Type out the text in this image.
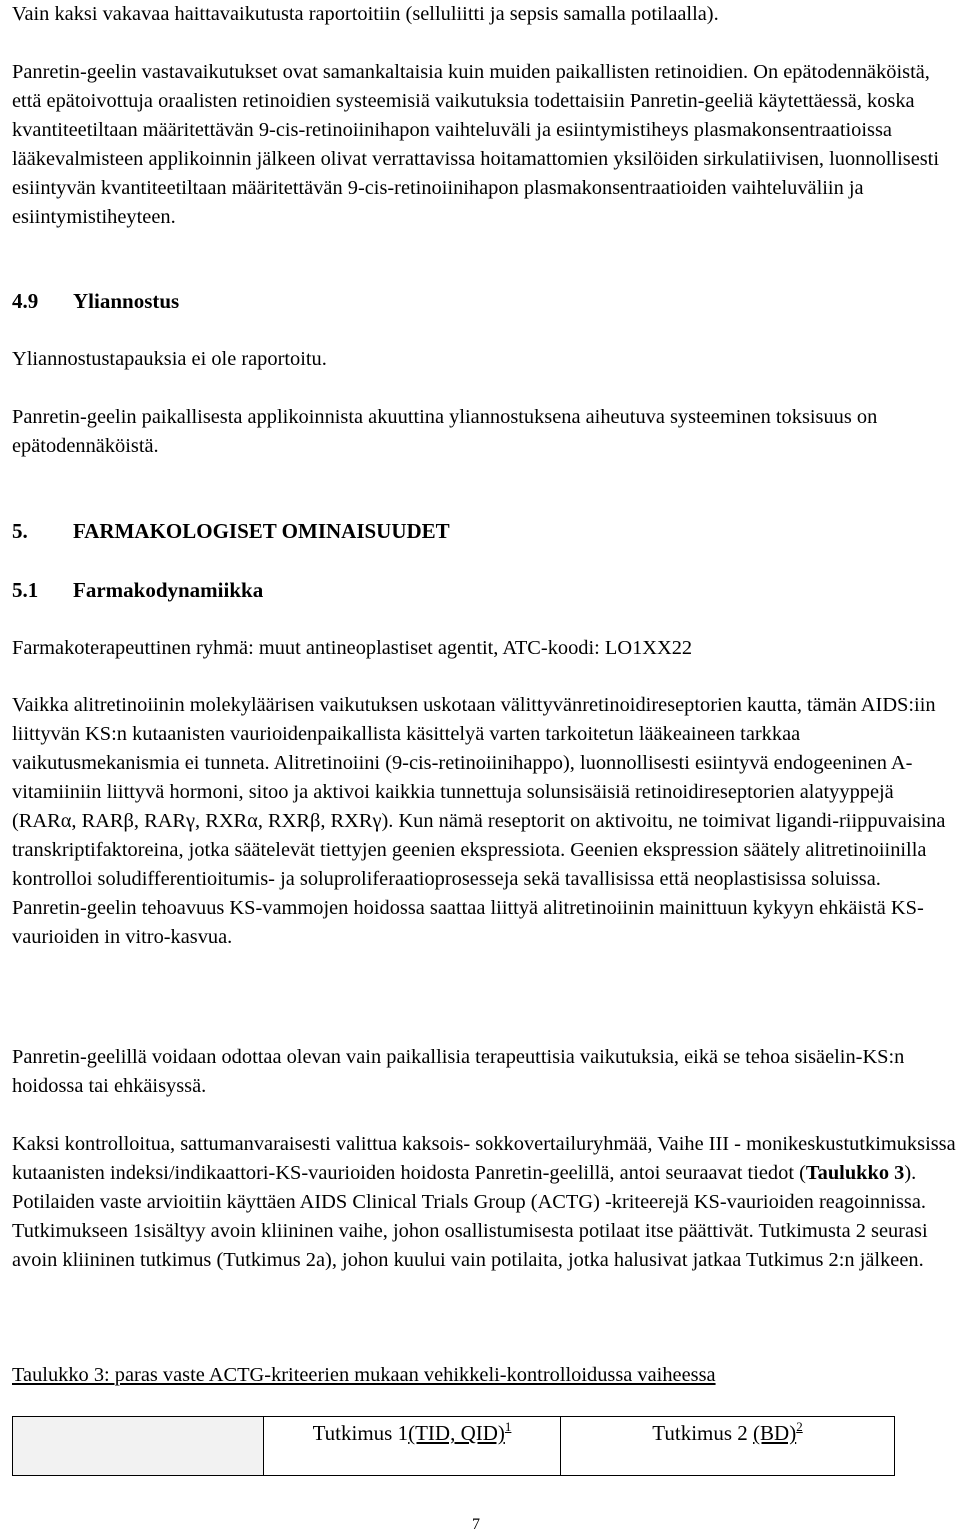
Vain kaksi vakavaa haittavaikutusta raportoitiin (selluliitti ja sepsis samalla potilaalla).

Panretin-geelin vastavaikutukset ovat samankaltaisia kuin muiden paikallisten retinoidien. On epätodennäköistä, että epätoivottuja oraalisten retinoidien systeemisiä vaikutuksia todettaisiin Panretin-geeliä käytettäessä, koska kvantiteetiltaan määritettävän 9-cis-retinoiinihapon vaihteluväli ja esiintymistiheys plasmakonsentraatioissa lääkevalmisteen applikoinnin jälkeen olivat verrattavissa hoitamattomien yksilöiden sirkulatiivisen, luonnollisesti esiintyvän kvantiteetiltaan määritettävän 9-cis-retinoiinihapon plasmakonsentraatioiden vaihteluväliin ja esiintymistiheyteen.

4.9 Yliannostus

Yliannostustapauksia ei ole raportoitu.

Panretin-geelin paikallisesta applikoinnista akuuttina yliannostuksena aiheutuva systeeminen toksisuus on epätodennäköistä.

5. FARMAKOLOGISET OMINAISUUDET
5.1 Farmakodynamiikka

Farmakoterapeuttinen ryhmä: muut antineoplastiset agentit, ATC-koodi: LO1XX22

Vaikka alitretinoiinin molekyläärisen vaikutuksen uskotaan välittyvänretinoidireseptorien kautta, tämän AIDS:iin liittyvän KS:n kutaanisten vaurioidenpaikallista käsittelyä varten tarkoitetun lääkeaineen tarkkaa vaikutusmekanismia ei tunneta. Alitretinoiini (9-cis-retinoiinihappo), luonnollisesti esiintyvä endogeeninen A-vitamiiniin liittyvä hormoni, sitoo ja aktivoi kaikkia tunnettuja solunsisäisiä retinoidireseptorien alatyyppejä (RARα, RARβ, RARγ, RXRα, RXRβ, RXRγ). Kun nämä reseptorit on aktivoitu, ne toimivat ligandi-riippuvaisina transkriptifaktoreina, jotka säätelevät tiettyjen geenien ekspressiota. Geenien ekspression säätely alitretinoiinilla kontrolloi soludifferentioitumis- ja soluproliferaatioprosesseja sekä tavallisissa että neoplastisissa soluissa. Panretin-geelin tehoavuus KS-vammojen hoidossa saattaa liittyä alitretinoiinin mainittuun kykyyn ehkäistä KS-vaurioiden in vitro-kasvua.

Panretin-geelillä voidaan odottaa olevan vain paikallisia terapeuttisia vaikutuksia, eikä se tehoa sisäelin-KS:n hoidossa tai ehkäisyssä.

Kaksi kontrolloitua, sattumanvaraisesti valittua kaksois- sokkovertailuryhmää, Vaihe III - monikeskustutkimuksissa kutaanisten indeksi/indikaattori-KS-vaurioiden hoidosta Panretin-geelillä, antoi seuraavat tiedot (Taulukko 3). Potilaiden vaste arvioitiin käyttäen AIDS Clinical Trials Group (ACTG) -kriteerejä KS-vaurioiden reagoinnissa. Tutkimukseen 1sisältyy avoin kliininen vaihe, johon osallistumisesta potilaat itse päättivät. Tutkimusta 2 seurasi avoin kliininen tutkimus (Tutkimus 2a), johon kuului vain potilaita, jotka halusivat jatkaa Tutkimus 2:n jälkeen.

Taulukko 3: paras vaste ACTG-kriteerien mukaan vehikkeli-kontrolloidussa vaiheessa

	Tutkimus 1(TID, QID)$^1$	Tutkimus 2 (BD)$^2$
7
